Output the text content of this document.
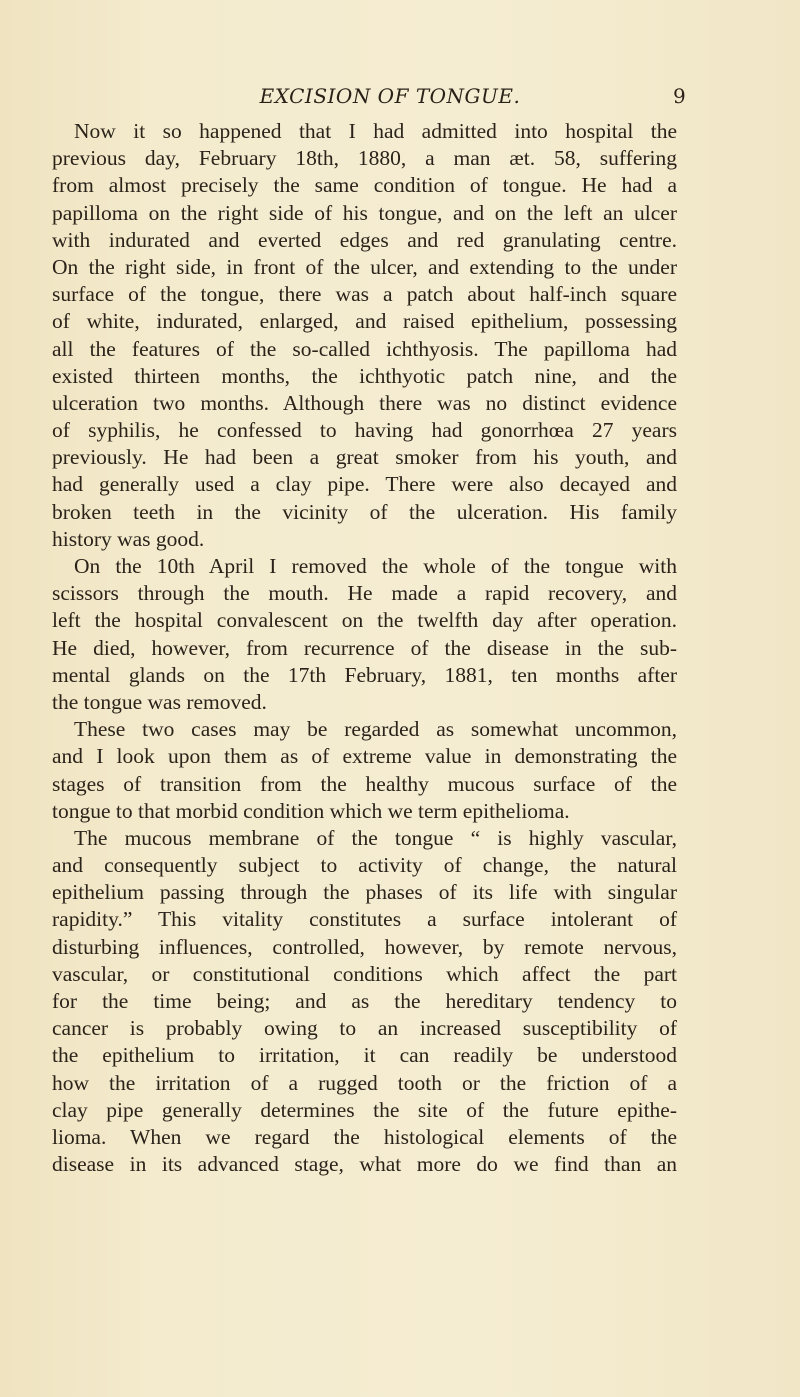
EXCISION OF TONGUE.	9
Now it so happened that I had admitted into hospital the
previous day, February 18th, 1880, a man æt. 58, suffering
from almost precisely the same condition of tongue. He had a
papilloma on the right side of his tongue, and on the left an ulcer
with indurated and everted edges and red granulating centre.
On the right side, in front of the ulcer, and extending to the under
surface of the tongue, there was a patch about half-inch square
of white, indurated, enlarged, and raised epithelium, possessing
all the features of the so-called ichthyosis. The papilloma had
existed thirteen months, the ichthyotic patch nine, and the
ulceration two months. Although there was no distinct evidence
of syphilis, he confessed to having had gonorrhœa 27 years
previously. He had been a great smoker from his youth, and
had generally used a clay pipe. There were also decayed and
broken teeth in the vicinity of the ulceration. His family
history was good.
On the 10th April I removed the whole of the tongue with
scissors through the mouth. He made a rapid recovery, and
left the hospital convalescent on the twelfth day after operation.
He died, however, from recurrence of the disease in the sub-
mental glands on the 17th February, 1881, ten months after
the tongue was removed.
These two cases may be regarded as somewhat uncommon,
and I look upon them as of extreme value in demonstrating the
stages of transition from the healthy mucous surface of the
tongue to that morbid condition which we term epithelioma.
The mucous membrane of the tongue “ is highly vascular,
and consequently subject to activity of change, the natural
epithelium passing through the phases of its life with singular
rapidity.” This vitality constitutes a surface intolerant of
disturbing influences, controlled, however, by remote nervous,
vascular, or constitutional conditions which affect the part
for the time being; and as the hereditary tendency to
cancer is probably owing to an increased susceptibility of
the epithelium to irritation, it can readily be understood
how the irritation of a rugged tooth or the friction of a
clay pipe generally determines the site of the future epithe-
lioma. When we regard the histological elements of the
disease in its advanced stage, what more do we find than an
